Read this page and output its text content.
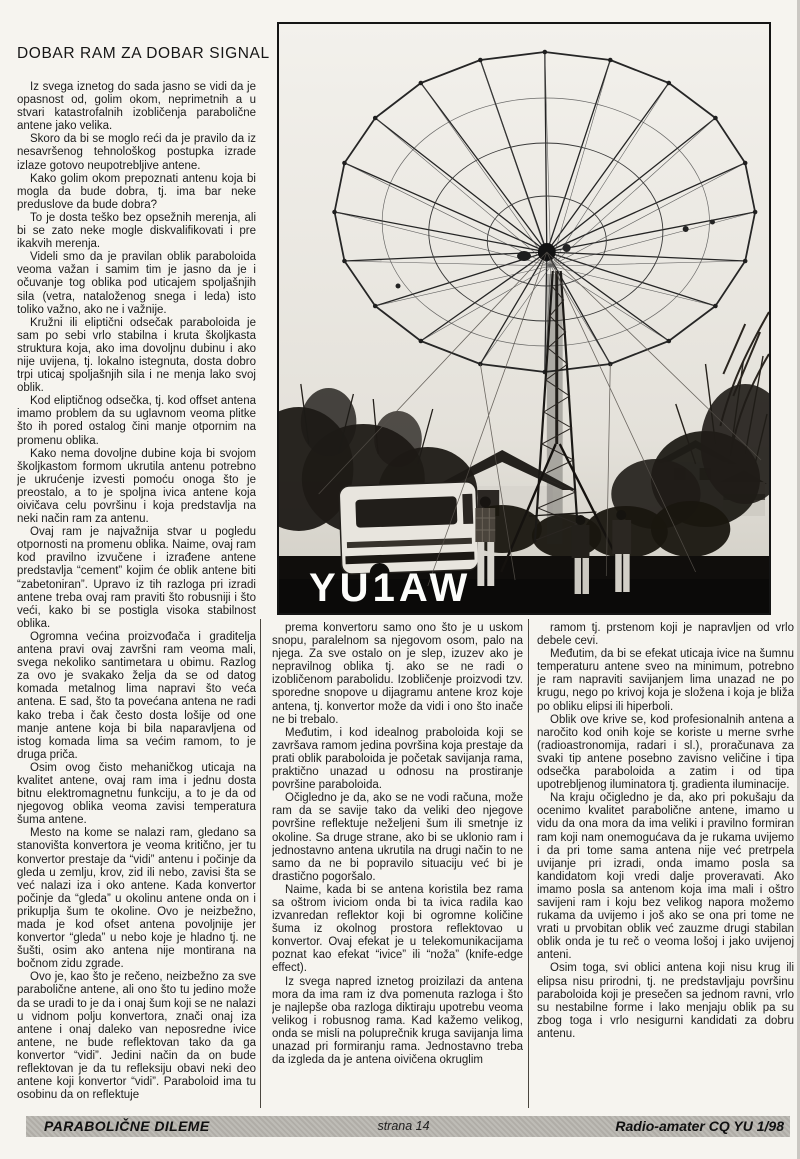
DOBAR RAM ZA DOBAR SIGNAL

Iz svega iznetog do sada jasno se vidi da je opasnost od, golim okom, neprimetnih a u stvari katastrofalnih izobličenja parabolične antene jako velika.

Skoro da bi se moglo reći da je pravilo da iz nesavršenog tehnološkog postupka izrade izlaze gotovo neupotrebljive antene.

Kako golim okom prepoznati antenu koja bi mogla da bude dobra, tj. ima bar neke preduslove da bude dobra?

To je dosta teško bez opsežnih merenja, ali bi se zato neke mogle diskvalifikovati i pre ikakvih merenja.

Videli smo da je pravilan oblik paraboloida veoma važan i samim tim je jasno da je i očuvanje tog oblika pod uticajem spoljašnjih sila (vetra, nataloženog snega i leda) isto toliko važno, ako ne i važnije.

Kružni ili eliptični odsečak paraboloida je sam po sebi vrlo stabilna i kruta školjkasta struktura koja, ako ima dovoljnu dubinu i ako nije uvijena, tj. lokalno istegnuta, dosta dobro trpi uticaj spoljašnjih sila i ne menja lako svoj oblik.

Kod eliptičnog odsečka, tj. kod offset antena imamo problem da su uglavnom veoma plitke što ih pored ostalog čini manje otpornim na promenu oblika.

Kako nema dovoljne dubine koja bi svojom školjkastom formom ukrutila antenu potrebno je ukrućenje izvesti pomoću onoga što je preostalo, a to je spoljna ivica antene koja oivičava celu površinu i koja predstavlja na neki način ram za antenu.

Ovaj ram je najvažnija stvar u pogledu otpornosti na promenu oblika. Naime, ovaj ram kod pravilno izvučene i izrađene antene predstavlja “cement” kojim će oblik antene biti “zabetoniran”. Upravo iz tih razloga pri izradi antene treba ovaj ram praviti što robusniji i što veći, kako bi se postigla visoka stabilnost oblika.

Ogromna većina proizvođača i graditelja antena pravi ovaj završni ram veoma mali, svega nekoliko santimetara u obimu. Razlog za ovo je svakako želja da se od datog komada metalnog lima napravi što veća antena. E sad, što ta povećana antena ne radi kako treba i čak često dosta lošije od one manje antene koja bi bila naparavljena od istog komada lima sa većim ramom, to je druga priča.

Osim ovog čisto mehaničkog uticaja na kvalitet antene, ovaj ram ima i jednu dosta bitnu elektromagnetnu funkciju, a to je da od njegovog oblika veoma zavisi temperatura šuma antene.

Mesto na kome se nalazi ram, gledano sa stanovišta konvertora je veoma kritično, jer tu konvertor prestaje da “vidi” antenu i počinje da gleda u zemlju, krov, zid ili nebo, zavisi šta se već nalazi iza i oko antene. Kada konvertor počinje da “gleda” u okolinu antene onda on i prikuplja šum te okoline. Ovo je neizbežno, mada je kod ofset antena povoljnije jer konvertor “gleda” u nebo koje je hladno tj. ne šušti, osim ako antena nije montirana na bočnom zidu zgrade.

Ovo je, kao što je rečeno, neizbežno za sve parabolične antene, ali ono što tu jedino može da se uradi to je da i onaj šum koji se ne nalazi u vidnom polju konvertora, znači onaj iza antene i onaj daleko van neposredne ivice antene, ne bude reflektovan tako da ga konvertor “vidi”. Jedini način da on bude reflektovan je da tu refleksiju obavi neki deo antene koji konvertor “vidi”. Paraboloid ima tu osobinu da on reflektuje

YU1AW

prema konvertoru samo ono što je u uskom snopu, paralelnom sa njegovom osom, palo na njega. Za sve ostalo on je slep, izuzev ako je nepravilnog oblika tj. ako se ne radi o izobličenom parabolidu. Izobličenje proizvodi tzv. sporedne snopove u dijagramu antene kroz koje antena, tj. konvertor može da vidi i ono što inače ne bi trebalo.

Međutim, i kod idealnog praboloida koji se završava ramom jedina površina koja prestaje da prati oblik paraboloida je početak savijanja rama, praktično unazad u odnosu na prostiranje površine paraboloida.

Očigledno je da, ako se ne vodi računa, može ram da se savije tako da veliki deo njegove površine reflektuje neželjeni šum ili smetnje iz okoline. Sa druge strane, ako bi se uklonio ram i jednostavno antena ukrutila na drugi način to ne samo da ne bi popravilo situaciju već bi je drastično pogoršalo.

Naime, kada bi se antena koristila bez rama sa oštrom iviciom onda bi ta ivica radila kao izvanredan reflektor koji bi ogromne količine šuma iz okolnog prostora reflektovao u konvertor. Ovaj efekat je u telekomunikacijama poznat kao efekat “ivice” ili “noža” (knife-edge effect).

Iz svega napred iznetog proizilazi da antena mora da ima ram iz dva pomenuta razloga i što je najlepše oba razloga diktiraju upotrebu veoma velikog i robusnog rama. Kad kažemo velikog, onda se misli na poluprečnik kruga savijanja lima unazad pri formiranju rama. Jednostavno treba da izgleda da je antena oivičena okruglim

ramom tj. prstenom koji je napravljen od vrlo debele cevi.

Međutim, da bi se efekat uticaja ivice na šumnu temperaturu antene sveo na minimum, potrebno je ram napraviti savijanjem lima unazad ne po krugu, nego po krivoj koja je složena i koja je bliža po obliku elipsi ili hiperboli.

Oblik ove krive se, kod profesionalnih antena a naročito kod onih koje se koriste u merne svrhe (radioastronomija, radari i sl.), proračunava za svaki tip antene posebno zavisno veličine i tipa odsečka paraboloida a zatim i od tipa upotrebljenog iluminatora tj. gradienta iluminacije.

Na kraju očigledno je da, ako pri pokušaju da ocenimo kvalitet parabolične antene, imamo u vidu da ona mora da ima veliki i pravilno formiran ram koji nam onemogućava da je rukama uvijemo i da pri tome sama antena nije već pretrpela uvijanje pri izradi, onda imamo posla sa kandidatom koji vredi dalje proveravati. Ako imamo posla sa antenom koja ima mali i oštro savijeni ram i koju bez velikog napora možemo rukama da uvijemo i još ako se ona pri tome ne vrati u prvobitan oblik već zauzme drugi stabilan oblik onda je tu reč o veoma lošoj i jako uvijenoj anteni.

Osim toga, svi oblici antena koji nisu krug ili elipsa nisu prirodni, tj. ne predstavljaju površinu paraboloida koji je presečen sa jednom ravni, vrlo su nestabilne forme i lako menjaju oblik pa su zbog toga i vrlo nesigurni kandidati za dobru antenu.

PARABOLIČNE DILEME	strana 14	Radio-amater CQ YU 1/98
